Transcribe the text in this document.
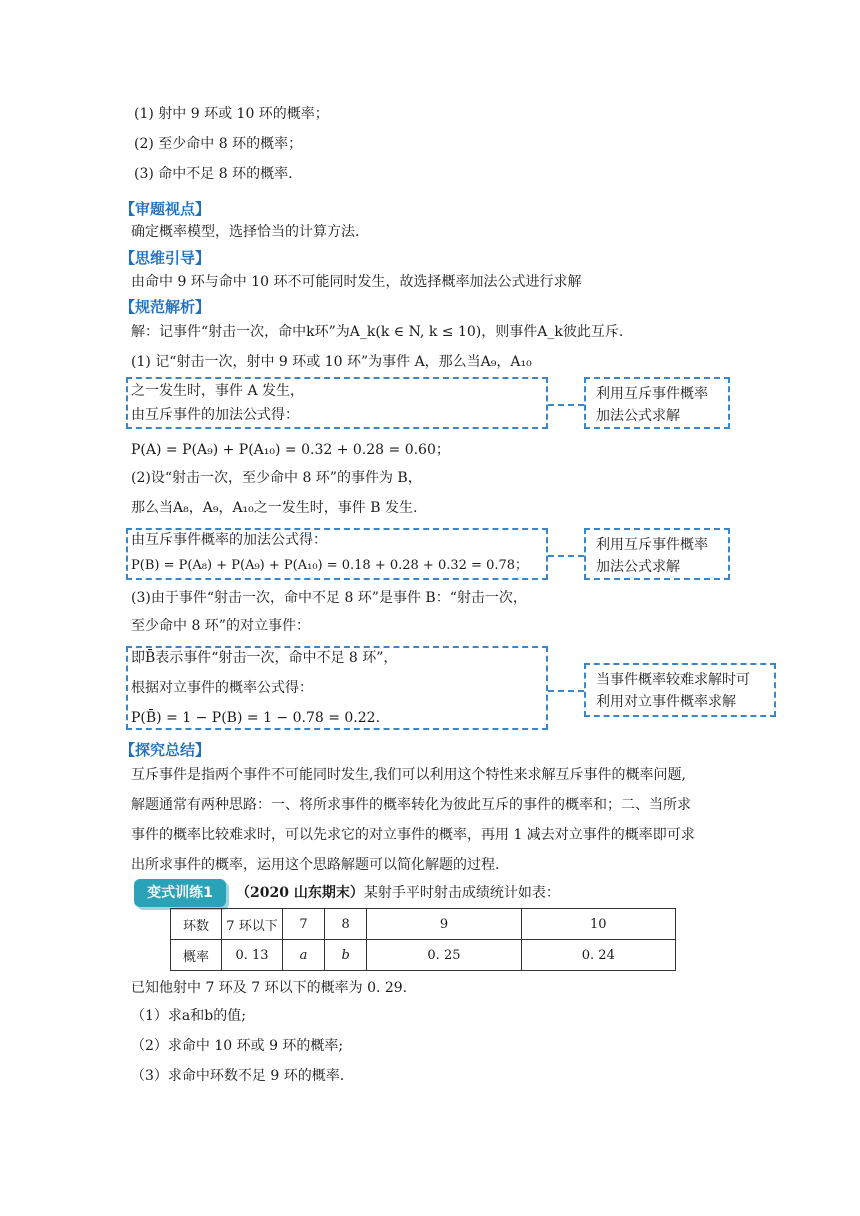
(1) 射中 9 环或 10 环的概率；
(2) 至少命中 8 环的概率；
(3) 命中不足 8 环的概率.
【审题视点】
确定概率模型，选择恰当的计算方法.
【思维引导】
由命中 9 环与命中 10 环不可能同时发生，故选择概率加法公式进行求解
【规范解析】
解：记事件“射击一次，命中k环”为A_k(k ∈ N, k ≤ 10)，则事件A_k彼此互斥.
(1) 记“射击一次，射中 9 环或 10 环”为事件 A，那么当A₉，A₁₀
之一发生时，事件 A 发生，
由互斥事件的加法公式得：
利用互斥事件概率
加法公式求解
P(A) = P(A₉) + P(A₁₀) = 0.32 + 0.28 = 0.60；
(2)设“射击一次，至少命中 8 环”的事件为 B，
那么当A₈，A₉，A₁₀之一发生时，事件 B 发生.
由互斥事件概率的加法公式得：
P(B) = P(A₈) + P(A₉) + P(A₁₀) = 0.18 + 0.28 + 0.32 = 0.78；
利用互斥事件概率
加法公式求解
(3)由于事件“射击一次，命中不足 8 环”是事件 B：“射击一次，
至少命中 8 环”的对立事件：
即B̄表示事件“射击一次，命中不足 8 环”，
根据对立事件的概率公式得：
P(B̄) = 1 − P(B) = 1 − 0.78 = 0.22.
当事件概率较难求解时可
利用对立事件概率求解
【探究总结】
互斥事件是指两个事件不可能同时发生,我们可以利用这个特性来求解互斥事件的概率问题,
解题通常有两种思路：一、将所求事件的概率转化为彼此互斥的事件的概率和；二、当所求
事件的概率比较难求时，可以先求它的对立事件的概率，再用 1 减去对立事件的概率即可求
出所求事件的概率，运用这个思路解题可以简化解题的过程.
变式训练1	（2020 山东期末）某射手平时射击成绩统计如表：
环数	7 环以下	7	8	9	10
概率	0. 13	a	b	0. 25	0. 24
已知他射中 7 环及 7 环以下的概率为 0. 29.
（1）求a和b的值;
（2）求命中 10 环或 9 环的概率;
（3）求命中环数不足 9 环的概率.
